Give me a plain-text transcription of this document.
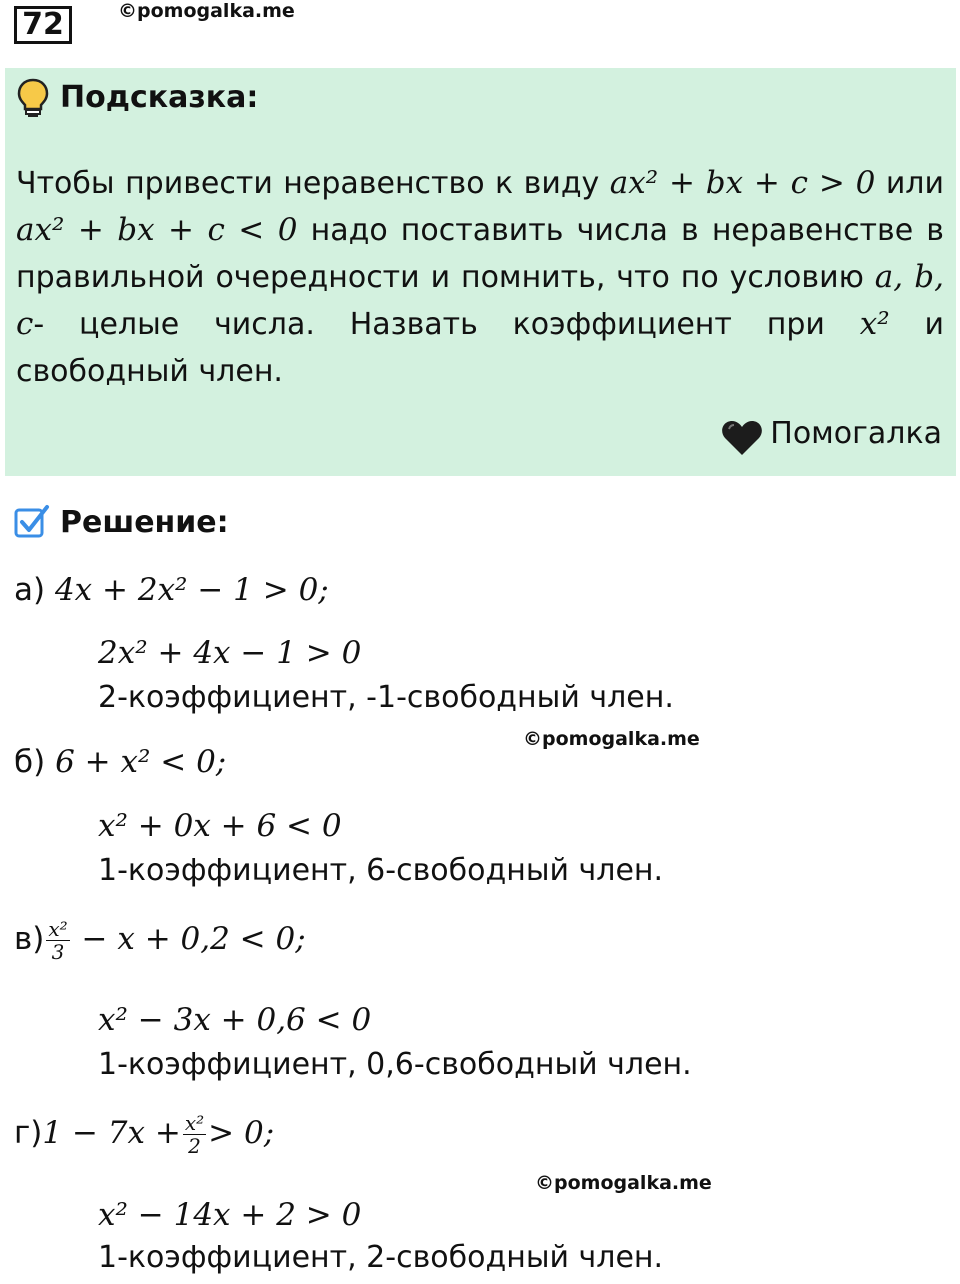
72	©pomogalka.me
Подсказка:
Чтобы привести неравенство к виду ax² + bx + c > 0 или ax² + bx + c < 0 надо поставить числа в неравенстве в правильной очередности и помнить, что по условию a, b, c- целые числа. Назвать коэффициент при x² и свободный член.
Помогалка
Решение:
а) 4x + 2x² − 1 > 0;
2x² + 4x − 1 > 0
2-коэффициент, -1-свободный член.
©pomogalka.me
б) 6 + x² < 0;
x² + 0x + 6 < 0
1-коэффициент, 6-свободный член.
$в) \frac{\text{x²}}{3} - x + 0,2 < 0$;
x² − 3x + 0,6 < 0
1-коэффициент, 0,6-свободный член.
$г)1 - 7x + \frac{\text{x²}}{2} > 0$;
©pomogalka.me
x² − 14x + 2 > 0
1-коэффициент, 2-свободный член.
